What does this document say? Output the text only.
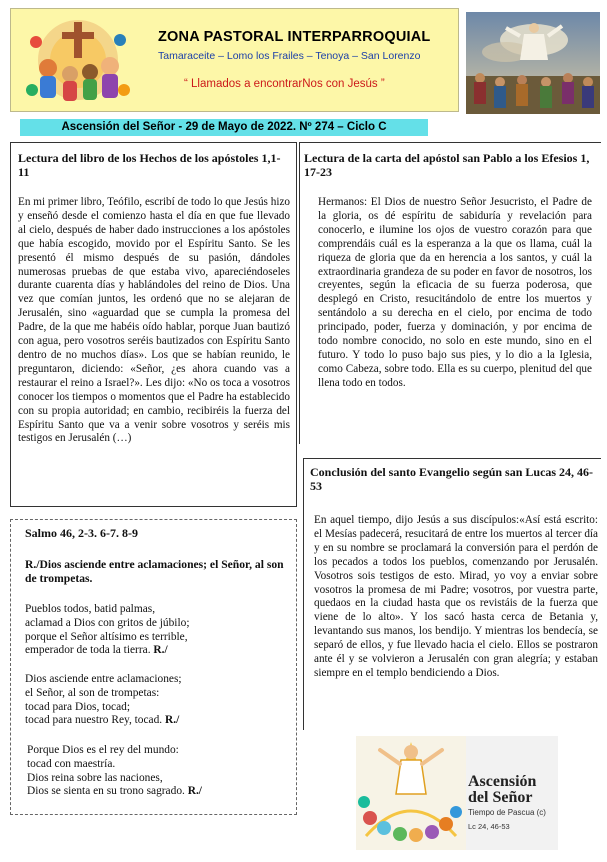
ZONA PASTORAL INTERPARROQUIAL
Tamaraceite – Lomo los Frailes – Tenoya – San Lorenzo
“ Llamados a encontrarNos con Jesús ”
Ascensión del Señor - 29 de Mayo de 2022. Nº 274 – Ciclo C
Lectura del libro de los Hechos de los apóstoles 1,1-11
En mi primer libro, Teófilo, escribí de todo lo que Jesús hizo y enseñó desde el comienzo hasta el día en que fue llevado al cielo, después de haber dado instrucciones a los apóstoles que había escogido, movido por el Espíritu Santo. Se les presentó él mismo después de su pasión, dándoles numerosas pruebas de que estaba vivo, apareciéndoseles durante cuarenta días y hablándoles del reino de Dios. Una vez que comían juntos, les ordenó que no se alejaran de Jerusalén, sino «aguardad que se cumpla la promesa del Padre, de la que me habéis oído hablar, porque Juan bautizó con agua, pero vosotros seréis bautizados con Espíritu Santo dentro de no muchos días». Los que se habían reunido, le preguntaron, diciendo: «Señor, ¿es ahora cuando vas a restaurar el reino a Israel?». Les dijo: «No os toca a vosotros conocer los tiempos o momentos que el Padre ha establecido con su propia autoridad; en cambio, recibiréis la fuerza del Espíritu Santo que va a venir sobre vosotros y seréis mis testigos en Jerusalén (…)
Lectura de la carta del apóstol san Pablo a los Efesios 1, 17-23
Hermanos: El Dios de nuestro Señor Jesucristo, el Padre de la gloria, os dé espíritu de sabiduría y revelación para conocerlo, e ilumine los ojos de vuestro corazón para que comprendáis cuál es la esperanza a la que os llama, cuál la riqueza de gloria que da en herencia a los santos, y cuál la extraordinaria grandeza de su poder en favor de nosotros, los creyentes, según la eficacia de su fuerza poderosa, que desplegó en Cristo, resucitándolo de entre los muertos y sentándolo a su derecha en el cielo, por encima de todo principado, poder, fuerza y dominación, y por encima de todo nombre conocido, no solo en este mundo, sino en el futuro. Y todo lo puso bajo sus pies, y lo dio a la Iglesia, como Cabeza, sobre todo. Ella es su cuerpo, plenitud del que llena todo en todos.
Conclusión del santo Evangelio según san Lucas 24, 46-53
En aquel tiempo, dijo Jesús a sus discípulos:«Así está escrito: el Mesías padecerá, resucitará de entre los muertos al tercer día y en su nombre se proclamará la conversión para el perdón de los pecados a todos los pueblos, comenzando por Jerusalén. Vosotros sois testigos de esto. Mirad, yo voy a enviar sobre vosotros la promesa de mi Padre; vosotros, por vuestra parte, quedaos en la ciudad hasta que os revistáis de la fuerza que viene de lo alto». Y los sacó hasta cerca de Betania y, levantando sus manos, los bendijo. Y mientras los bendecía, se separó de ellos, y fue llevado hacia el cielo. Ellos se postraron ante él y se volvieron a Jerusalén con gran alegría; y estaban siempre en el templo bendiciendo a Dios.
Salmo 46, 2-3. 6-7. 8-9
R./Dios asciende entre aclamaciones; el Señor, al son de trompetas.

Pueblos todos, batid palmas,

aclamad a Dios con gritos de júbilo;

porque el Señor altísimo es terrible,

emperador de toda la tierra. R./

Dios asciende entre aclamaciones;

el Señor, al son de trompetas:

tocad para Dios, tocad;

tocad para nuestro Rey, tocad. R./

Porque Dios es el rey del mundo:

tocad con maestría.

Dios reina sobre las naciones,

Dios se sienta en su trono sagrado. R./

Ascensión
del Señor
Tiempo de Pascua (c)
Lc 24, 46-53
